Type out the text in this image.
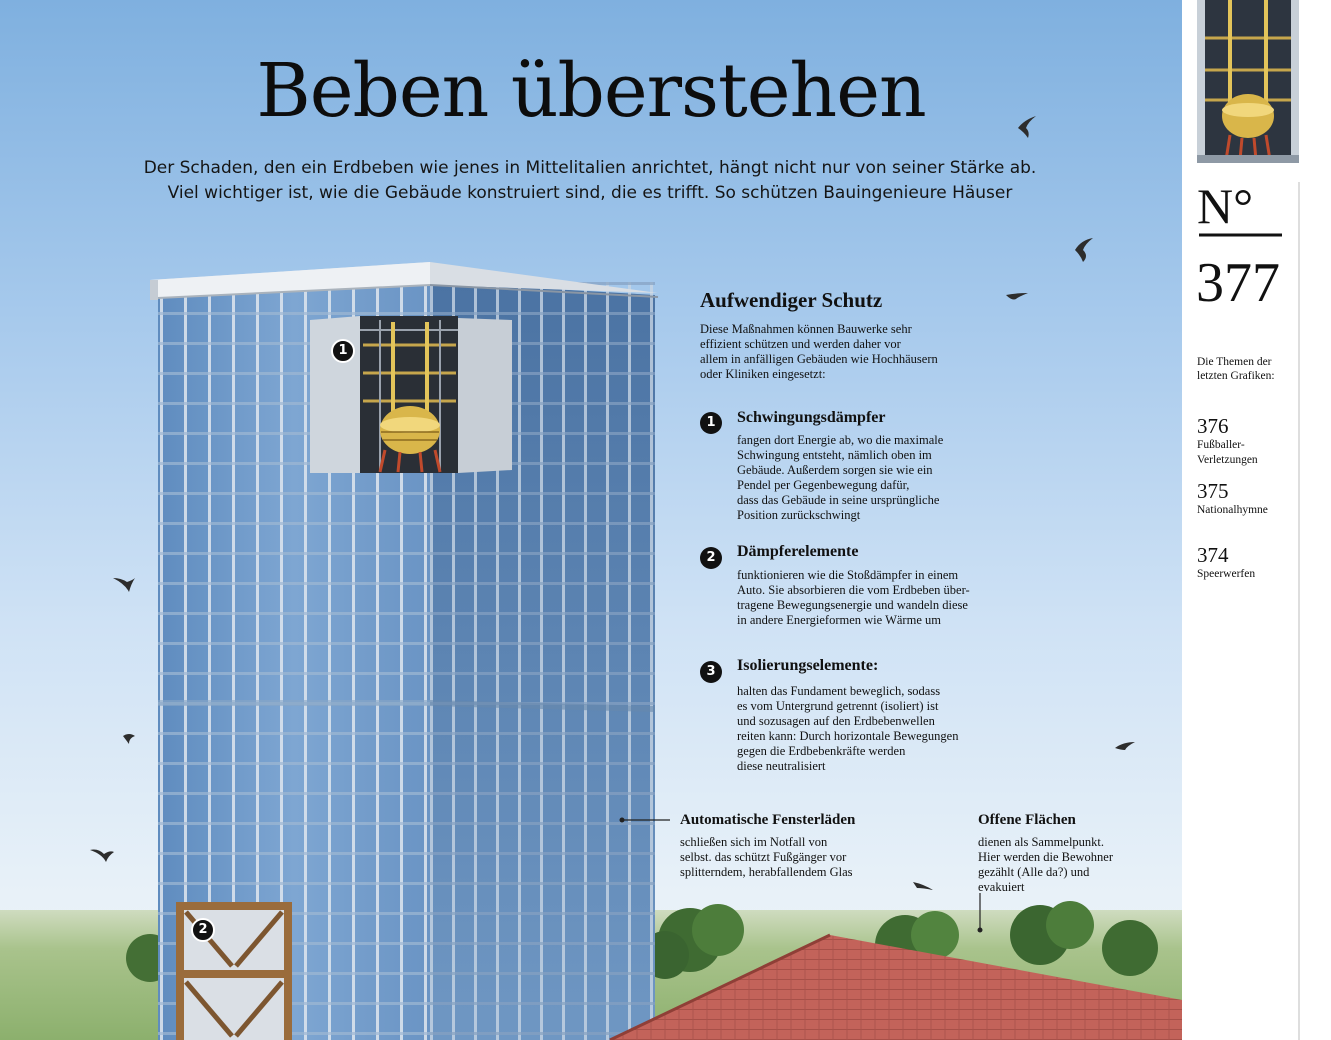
Beben überstehen
Der Schaden, den ein Erdbeben wie jenes in Mittelitalien anrichtet, hängt nicht nur von seiner Stärke ab.
Viel wichtiger ist, wie die Gebäude konstruiert sind, die es trifft. So schützen Bauingenieure Häuser
1
2
Aufwendiger Schutz
Diese Maßnahmen können Bauwerke sehr
effizient schützen und werden daher vor
allem in anfälligen Gebäuden wie Hochhäusern
oder Kliniken eingesetzt:
1	Schwingungsdämpfer
fangen dort Energie ab, wo die maximale
Schwingung entsteht, nämlich oben im
Gebäude. Außerdem sorgen sie wie ein
Pendel per Gegenbewegung dafür,
dass das Gebäude in seine ursprüngliche
Position zurückschwingt
2	Dämpferelemente
funktionieren wie die Stoßdämpfer in einem
Auto. Sie absorbieren die vom Erdbeben über-
tragene Bewegungsenergie und wandeln diese
in andere Energieformen wie Wärme um
3	Isolierungselemente:
halten das Fundament beweglich, sodass
es vom Untergrund getrennt (isoliert) ist
und sozusagen auf den Erdbebenwellen
reiten kann: Durch horizontale Bewegungen
gegen die Erdbebenkräfte werden
diese neutralisiert
Automatische Fensterläden
schließen sich im Notfall von
selbst. das schützt Fußgänger vor
splitterndem, herabfallendem Glas
Offene Flächen
dienen als Sammelpunkt.
Hier werden die Bewohner
gezählt (Alle da?) und
evakuiert
N°
377
Die Themen der
letzten Grafiken:
376
Fußballer-
Verletzungen
375
Nationalhymne
374
Speerwerfen
